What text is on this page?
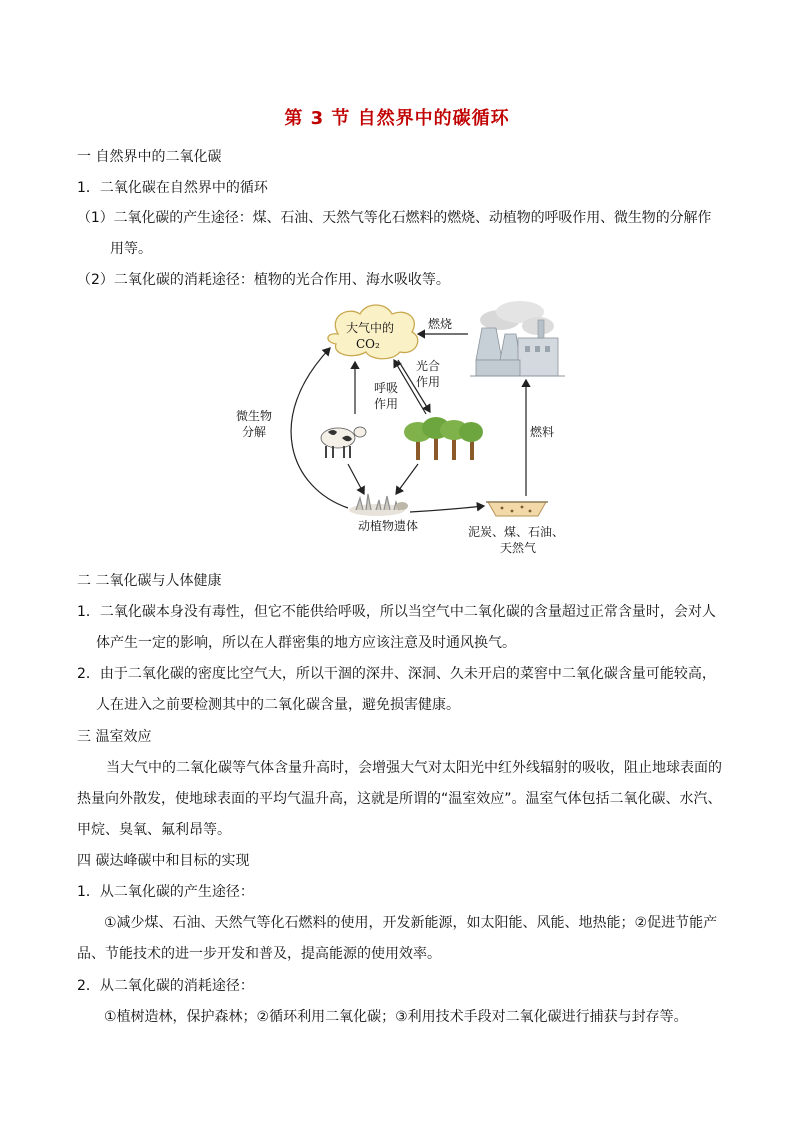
第 3 节 自然界中的碳循环
一 自然界中的二氧化碳
1．二氧化碳在自然界中的循环
（1）二氧化碳的产生途径：煤、石油、天然气等化石燃料的燃烧、动植物的呼吸作用、微生物的分解作
用等。
（2）二氧化碳的消耗途径：植物的光合作用、海水吸收等。
大气中的
CO₂
燃烧
光合
作用
呼吸
作用
微生物
分解	燃料
动植物遗体	泥炭、煤、石油、
天然气
二 二氧化碳与人体健康
1．二氧化碳本身没有毒性，但它不能供给呼吸，所以当空气中二氧化碳的含量超过正常含量时，会对人
体产生一定的影响，所以在人群密集的地方应该注意及时通风换气。
2．由于二氧化碳的密度比空气大，所以干涸的深井、深洞、久未开启的菜窖中二氧化碳含量可能较高，
人在进入之前要检测其中的二氧化碳含量，避免损害健康。
三 温室效应
当大气中的二氧化碳等气体含量升高时，会增强大气对太阳光中红外线辐射的吸收，阻止地球表面的
热量向外散发，使地球表面的平均气温升高，这就是所谓的“温室效应”。温室气体包括二氧化碳、水汽、
甲烷、臭氧、氟利昂等。
四 碳达峰碳中和目标的实现
1．从二氧化碳的产生途径：
①减少煤、石油、天然气等化石燃料的使用，开发新能源，如太阳能、风能、地热能；②促进节能产
品、节能技术的进一步开发和普及，提高能源的使用效率。
2．从二氧化碳的消耗途径：
①植树造林，保护森林；②循环利用二氧化碳；③利用技术手段对二氧化碳进行捕获与封存等。
